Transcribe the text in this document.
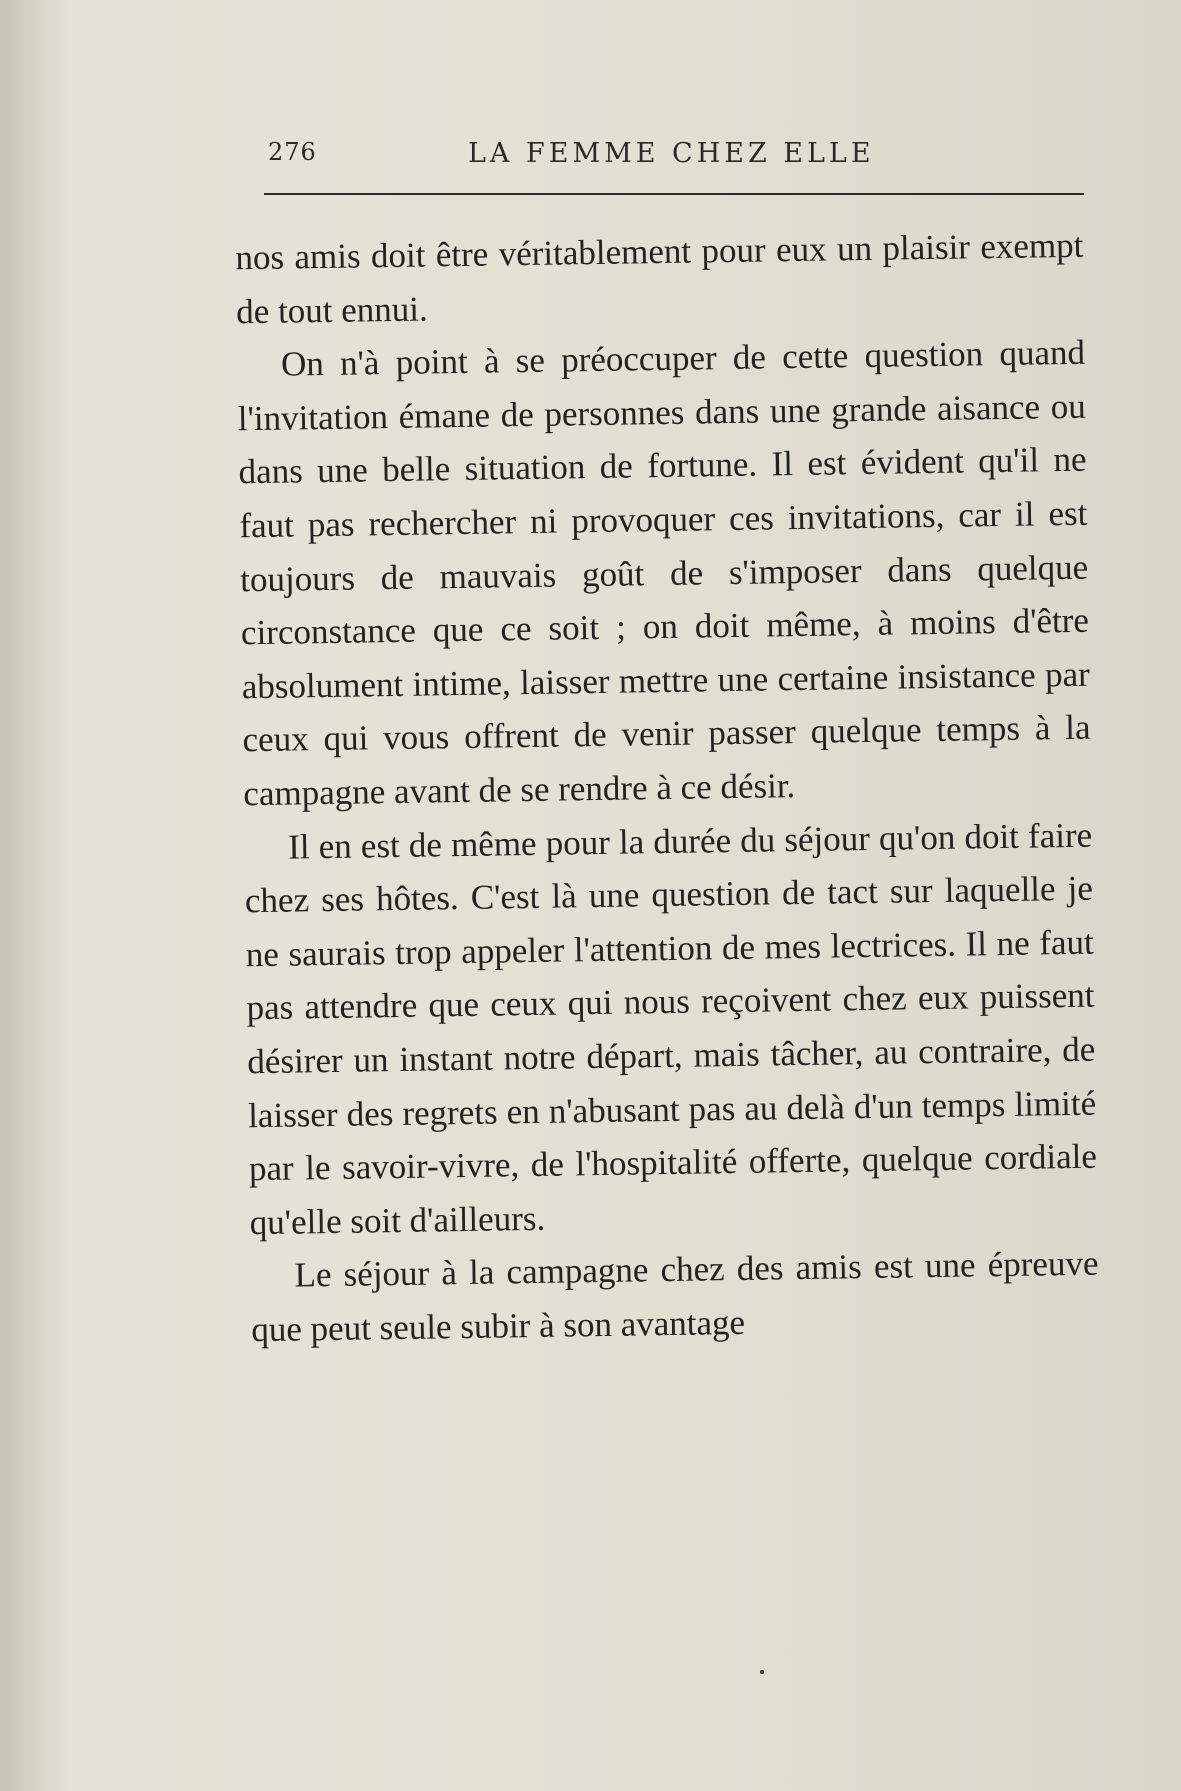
276	LA FEMME CHEZ ELLE

nos amis doit être véritablement pour eux un plaisir exempt de tout ennui.

On n'à point à se préoccuper de cette question quand l'invitation émane de personnes dans une grande aisance ou dans une belle situation de fortune. Il est évident qu'il ne faut pas rechercher ni provoquer ces invitations, car il est toujours de mauvais goût de s'imposer dans quelque circonstance que ce soit ; on doit même, à moins d'être absolument intime, laisser mettre une certaine insistance par ceux qui vous offrent de venir passer quelque temps à la campagne avant de se rendre à ce désir.

Il en est de même pour la durée du séjour qu'on doit faire chez ses hôtes. C'est là une question de tact sur laquelle je ne saurais trop appeler l'attention de mes lectrices. Il ne faut pas attendre que ceux qui nous reçoivent chez eux puissent désirer un instant notre départ, mais tâcher, au contraire, de laisser des regrets en n'abusant pas au delà d'un temps limité par le savoir-vivre, de l'hospitalité offerte, quelque cordiale qu'elle soit d'ailleurs.

Le séjour à la campagne chez des amis est une épreuve que peut seule subir à son avantage
